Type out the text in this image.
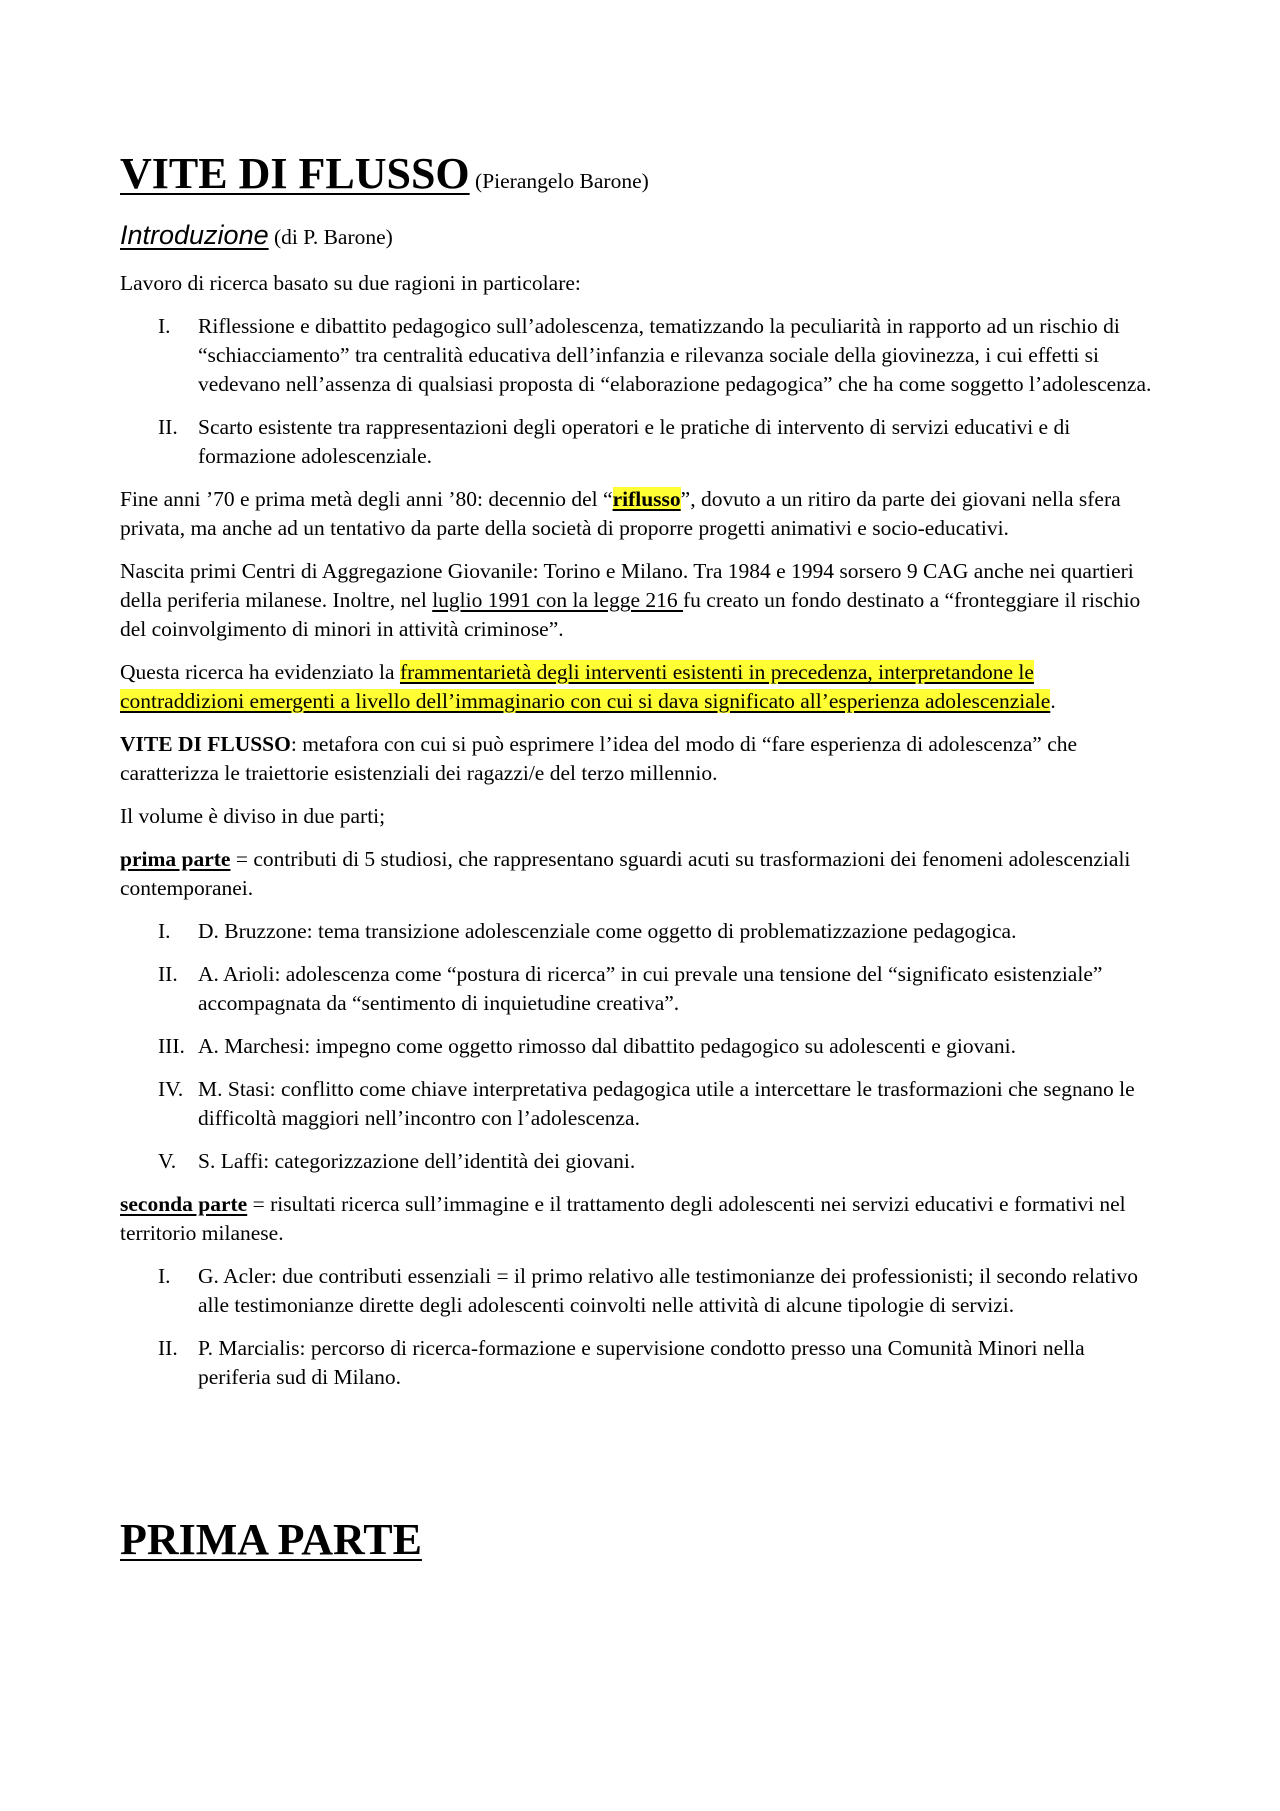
VITE DI FLUSSO (Pierangelo Barone)
Introduzione (di P. Barone)

Lavoro di ricerca basato su due ragioni in particolare:

I. Riflessione e dibattito pedagogico sull’adolescenza, tematizzando la peculiarità in rapporto ad un rischio di “schiacciamento” tra centralità educativa dell’infanzia e rilevanza sociale della giovinezza, i cui effetti si vedevano nell’assenza di qualsiasi proposta di “elaborazione pedagogica” che ha come soggetto l’adolescenza.
II. Scarto esistente tra rappresentazioni degli operatori e le pratiche di intervento di servizi educativi e di formazione adolescenziale.

Fine anni ’70 e prima metà degli anni ’80: decennio del “riflusso”, dovuto a un ritiro da parte dei giovani nella sfera privata, ma anche ad un tentativo da parte della società di proporre progetti animativi e socio-educativi.

Nascita primi Centri di Aggregazione Giovanile: Torino e Milano. Tra 1984 e 1994 sorsero 9 CAG anche nei quartieri della periferia milanese. Inoltre, nel luglio 1991 con la legge 216 fu creato un fondo destinato a “fronteggiare il rischio del coinvolgimento di minori in attività criminose”.

Questa ricerca ha evidenziato la frammentarietà degli interventi esistenti in precedenza, interpretandone le contraddizioni emergenti a livello dell’immaginario con cui si dava significato all’esperienza adolescenziale.

VITE DI FLUSSO: metafora con cui si può esprimere l’idea del modo di “fare esperienza di adolescenza” che caratterizza le traiettorie esistenziali dei ragazzi/e del terzo millennio.

Il volume è diviso in due parti;

prima parte = contributi di 5 studiosi, che rappresentano sguardi acuti su trasformazioni dei fenomeni adolescenziali contemporanei.

I. D. Bruzzone: tema transizione adolescenziale come oggetto di problematizzazione pedagogica.
II. A. Arioli: adolescenza come “postura di ricerca” in cui prevale una tensione del “significato esistenziale” accompagnata da “sentimento di inquietudine creativa”.
III. A. Marchesi: impegno come oggetto rimosso dal dibattito pedagogico su adolescenti e giovani.
IV. M. Stasi: conflitto come chiave interpretativa pedagogica utile a intercettare le trasformazioni che segnano le difficoltà maggiori nell’incontro con l’adolescenza.
V. S. Laffi: categorizzazione dell’identità dei giovani.

seconda parte = risultati ricerca sull’immagine e il trattamento degli adolescenti nei servizi educativi e formativi nel territorio milanese.

I. G. Acler: due contributi essenziali = il primo relativo alle testimonianze dei professionisti; il secondo relativo alle testimonianze dirette degli adolescenti coinvolti nelle attività di alcune tipologie di servizi.
II. P. Marcialis: percorso di ricerca-formazione e supervisione condotto presso una Comunità Minori nella periferia sud di Milano.
PRIMA PARTE
